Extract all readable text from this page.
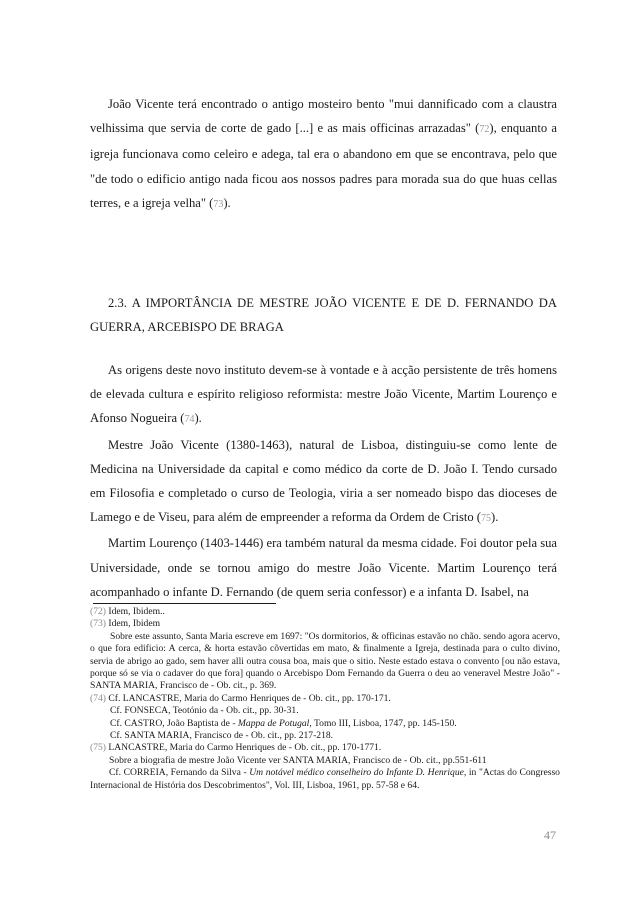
João Vicente terá encontrado o antigo mosteiro bento "mui dannificado com a claustra velhissima que servia de corte de gado [...] e as mais officinas arrazadas" (72), enquanto a igreja funcionava como celeiro e adega, tal era o abandono em que se encontrava, pelo que "de todo o edificio antigo nada ficou aos nossos padres para morada sua do que huas cellas terres, e a igreja velha" (73).

2.3. A IMPORTÂNCIA DE MESTRE JOÃO VICENTE E DE D. FERNANDO DA GUERRA, ARCEBISPO DE BRAGA

As origens deste novo instituto devem-se à vontade e à acção persistente de três homens de elevada cultura e espírito religioso reformista: mestre João Vicente, Martim Lourenço e Afonso Nogueira (74).

Mestre João Vicente (1380-1463), natural de Lisboa, distinguiu-se como lente de Medicina na Universidade da capital e como médico da corte de D. João I. Tendo cursado em Filosofia e completado o curso de Teologia, viria a ser nomeado bispo das dioceses de Lamego e de Viseu, para além de empreender a reforma da Ordem de Cristo (75).

Martim Lourenço (1403-1446) era também natural da mesma cidade. Foi doutor pela sua Universidade, onde se tornou amigo do mestre João Vicente. Martim Lourenço terá acompanhado o infante D. Fernando (de quem seria confessor) e a infanta D. Isabel, na

(72) Idem, Ibidem..

(73) Idem, Ibidem

Sobre este assunto, Santa Maria escreve em 1697: "Os dormitorios, & officinas estavão no chão. sendo agora acervo, o que fora edificio: A cerca, & horta estavão cõvertidas em mato, & finalmente a Igreja, destinada para o culto divino, servia de abrigo ao gado, sem haver alli outra cousa boa, mais que o sitio. Neste estado estava o convento [ou não estava, porque só se via o cadaver do que fora] quando o Arcebispo Dom Fernando da Guerra o deu ao veneravel Mestre João" - SANTA MARIA, Francisco de - Ob. cit., p. 369.

(74) Cf. LANCASTRE, Maria do Carmo Henriques de - Ob. cit., pp. 170-171.

Cf. FONSECA, Teotónio da - Ob. cit., pp. 30-31.

Cf. CASTRO, João Baptista de - Mappa de Potugal, Tomo III, Lisboa, 1747, pp. 145-150.

Cf. SANTA MARIA, Francisco de - Ob. cit., pp. 217-218.

(75) LANCASTRE, Maria do Carmo Henriques de - Ob. cit., pp. 170-1771.

Sobre a biografia de mestre João Vicente ver SANTA MARIA, Francisco de - Ob. cit., pp.551-611

Cf. CORREIA, Fernando da Silva - Um notável médico conselheiro do Infante D. Henrique, in "Actas do Congresso Internacional de História dos Descobrimentos", Vol. III, Lisboa, 1961, pp. 57-58 e 64.

47
